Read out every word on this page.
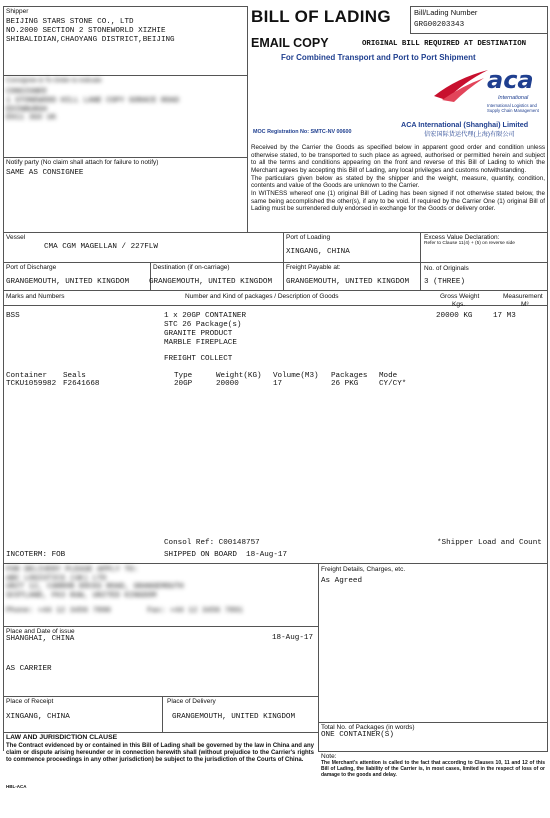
Shipper
BEIJING STARS STONE CO., LTD
NO.2000 SECTION 2 STONEWORLD XIZHIE
SHIBALIDIAN,CHAOYANG DISTRICT,BEIJING
Consignee & To Order to indicate
CONSIGNEE
1 STONEWOOD HILL LANE COPY GORACE ROAD
EDINBURGH
EH11 3GX UK
Notify party (No claim shall attach for failure to notify)
SAME AS CONSIGNEE
BILL OF LADING	Bill/Lading Number
GRG00203343
EMAIL COPY	ORIGINAL BILL REQUIRED AT DESTINATION
For Combined Transport and Port to Port Shipment
aca
International
International Logistics and
Supply Chain Management
ACA International (Shanghai) Limited
信宏国际货运代理(上海)有限公司
MOC Registration No: SMTC-NV 00600
Received by the Carrier the Goods as specified below in apparent good order and condition unless otherwise stated, to be transported to such place as agreed, authorised or permitted herein and subject to all the terms and conditions appearing on the front and reverse of this Bill of Lading to which the Merchant agrees by accepting this Bill of Lading, any local privileges and customs notwithstanding.
The particulars given below as stated by the shipper and the weight, measure, quantity, condition, contents and value of the Goods are unknown to the Carrier.
In WITNESS whereof one (1) original Bill of Lading has been signed if not otherwise stated below, the same being accomplished the other(s), if any to be void. If required by the Carrier One (1) original Bill of Lading must be surrendered duly endorsed in exchange for the Goods or delivery order.
Vessel
CMA CGM MAGELLAN / 227FLW
Port of Loading
XINGANG, CHINA
Excess Value Declaration:
Refer to Clause 11(4) + (5) on reverse side
Port of Discharge
GRANGEMOUTH, UNITED KINGDOM
Destination (if on-carriage)
GRANGEMOUTH, UNITED KINGDOM
Freight Payable at:
GRANGEMOUTH, UNITED KINGDOM
No. of Originals
3 (THREE)
Marks and Numbers	Number and Kind of packages / Description of Goods	Gross Weight
Kgs.
Measurement
M³
BSS	1 x 20GP CONTAINER
STC 26 Package(s)
GRANITE PRODUCT
MARBLE FIREPLACE
FREIGHT COLLECT
20000 KG	17 M3
Container Seals	Type	Weight(KG) Volume(M3) Packages Mode
TCKU1059982 F2641668	20GP	20000	17	26 PKG	CY/CY*
Consol Ref: C00148757	*Shipper Load and Count
INCOTERM: FOB	SHIPPED ON BOARD  18-Aug-17
FOR DELIVERY PLEASE APPLY TO:
ABC LOGISTICS (UK) LTD
UNIT 12, CARRON DOCKS ROAD, GRANGEMOUTH
SCOTLAND, FK3 8UW, UNITED KINGDOM
Phone: +44 12 3456 7890        Fax: +44 12 3456 7891
Freight Details, Charges, etc.
As Agreed
Place and Date of issue
SHANGHAI, CHINA	18-Aug-17
AS CARRIER
Place of Receipt
XINGANG, CHINA
Place of Delivery
GRANGEMOUTH, UNITED KINGDOM
Total No. of Packages (in words)
ONE CONTAINER(S)
LAW AND JURISDICTION CLAUSE
The Contract evidenced by or contained in this Bill of Lading shall be governed by the law in China and any claim or dispute arising hereunder or in connection herewith shall (without prejudice to the Carrier's rights to commence proceedings in any other jurisdiction) be subject to the jurisdiction of the Courts of China.
Note:
The Merchant's attention is called to the fact that according to Clauses 10, 11 and 12 of this Bill of Lading, the liability of the Carrier is, in most cases, limited in the respect of loss of or damage to the goods and delay.
HBL-ACA
